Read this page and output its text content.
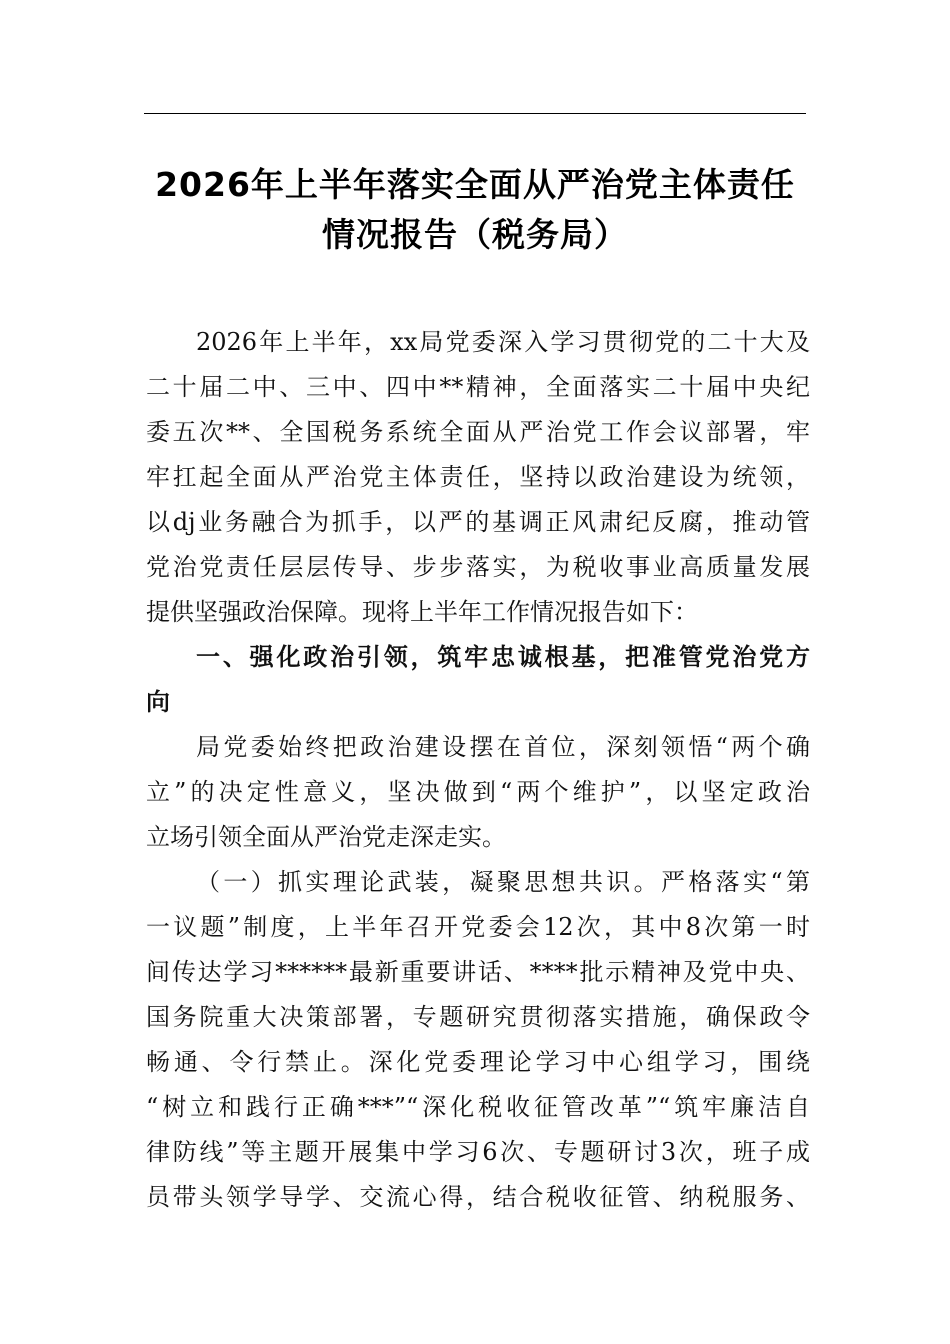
2026年上半年落实全面从严治党主体责任
情况报告（税务局）
2026年上半年，xx局党委深入学习贯彻党的二十大及
二十届二中、三中、四中**精神，全面落实二十届中央纪
委五次**、全国税务系统全面从严治党工作会议部署，牢
牢扛起全面从严治党主体责任，坚持以政治建设为统领，
以dj业务融合为抓手，以严的基调正风肃纪反腐，推动管
党治党责任层层传导、步步落实，为税收事业高质量发展
提供坚强政治保障。现将上半年工作情况报告如下：
一、强化政治引领，筑牢忠诚根基，把准管党治党方
向
局党委始终把政治建设摆在首位，深刻领悟“两个确
立”的决定性意义，坚决做到“两个维护”，以坚定政治
立场引领全面从严治党走深走实。
（一）抓实理论武装，凝聚思想共识。严格落实“第
一议题”制度，上半年召开党委会12次，其中8次第一时
间传达学习******最新重要讲话、****批示精神及党中央、
国务院重大决策部署，专题研究贯彻落实措施，确保政令
畅通、令行禁止。深化党委理论学习中心组学习，围绕
“树立和践行正确***”“深化税收征管改革”“筑牢廉洁自
律防线”等主题开展集中学习6次、专题研讨3次，班子成
员带头领学导学、交流心得，结合税收征管、纳税服务、
